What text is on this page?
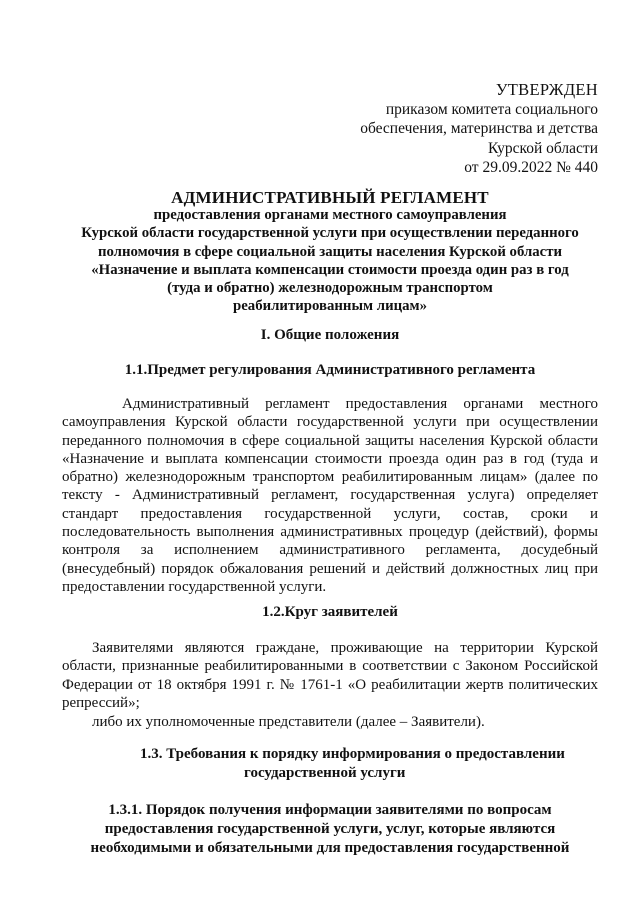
УТВЕРЖДЕН
приказом комитета социального
обеспечения, материнства и детства
Курской области
от 29.09.2022 № 440
АДМИНИСТРАТИВНЫЙ РЕГЛАМЕНТ
предоставления органами местного самоуправления
Курской области государственной услуги при осуществлении переданного
полномочия в сфере социальной защиты населения Курской области
«Назначение и выплата компенсации стоимости проезда один раз в год
(туда и обратно) железнодорожным транспортом
реабилитированным лицам»
I. Общие положения
1.1.Предмет регулирования Административного регламента
Административный регламент предоставления органами местного самоуправления Курской области государственной услуги при осуществлении переданного полномочия в сфере социальной защиты населения Курской области «Назначение и выплата компенсации стоимости проезда один раз в год (туда и обратно) железнодорожным транспортом реабилитированным лицам» (далее по тексту - Административный регламент, государственная услуга) определяет стандарт предоставления государственной услуги, состав, сроки и последовательность выполнения административных процедур (действий), формы контроля за исполнением административного регламента, досудебный (внесудебный) порядок обжалования решений и действий должностных лиц при предоставлении государственной услуги.
1.2.Круг заявителей
Заявителями являются граждане, проживающие на территории Курской области, признанные реабилитированными в соответствии с Законом Российской Федерации от 18 октября 1991 г. № 1761-1 «О реабилитации жертв политических репрессий»;
либо их уполномоченные представители (далее – Заявители).
1.3. Требования к порядку информирования о предоставлении
государственной услуги
1.3.1. Порядок получения информации заявителями по вопросам
предоставления государственной услуги, услуг, которые являются
необходимыми и обязательными для предоставления государственной
